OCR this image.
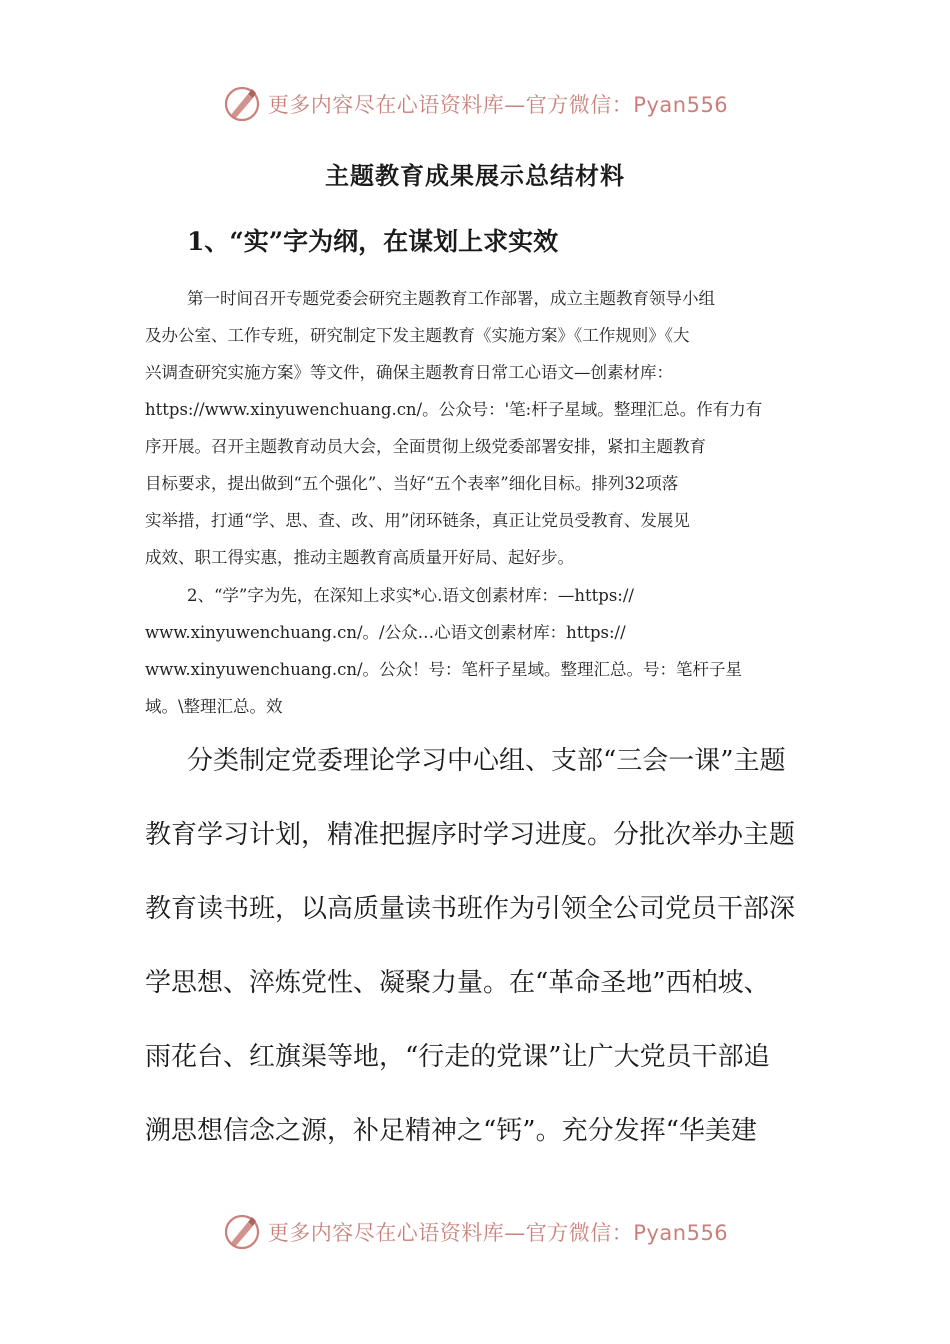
更多内容尽在心语资料库—官方微信：Pyan556
主题教育成果展示总结材料
1、“实”字为纲，在谋划上求实效
第一时间召开专题党委会研究主题教育工作部署，成立主题教育领导小组
及办公室、工作专班，研究制定下发主题教育《实施方案》《工作规则》《大
兴调查研究实施方案》等文件，确保主题教育日常工心语文—创素材库：
https://www.xinyuwenchuang.cn/。公众号：'笔:杆子星域。整理汇总。作有力有
序开展。召开主题教育动员大会，全面贯彻上级党委部署安排，紧扣主题教育
目标要求，提出做到“五个强化”、当好“五个表率”细化目标。排列32项落
实举措，打通“学、思、查、改、用”闭环链条，真正让党员受教育、发展见
成效、职工得实惠，推动主题教育高质量开好局、起好步。
2、“学”字为先，在深知上求实*心.语文创素材库：—https://
www.xinyuwenchuang.cn/。/公众…心语文创素材库：https://
www.xinyuwenchuang.cn/。公众！号：笔杆子星域。整理汇总。号：笔杆子星
域。\整理汇总。效
分类制定党委理论学习中心组、支部“三会一课”主题
教育学习计划，精准把握序时学习进度。分批次举办主题
教育读书班，以高质量读书班作为引领全公司党员干部深
学思想、淬炼党性、凝聚力量。在“革命圣地”西柏坡、
雨花台、红旗渠等地，“行走的党课”让广大党员干部追
溯思想信念之源，补足精神之“钙”。充分发挥“华美建
更多内容尽在心语资料库—官方微信：Pyan556
